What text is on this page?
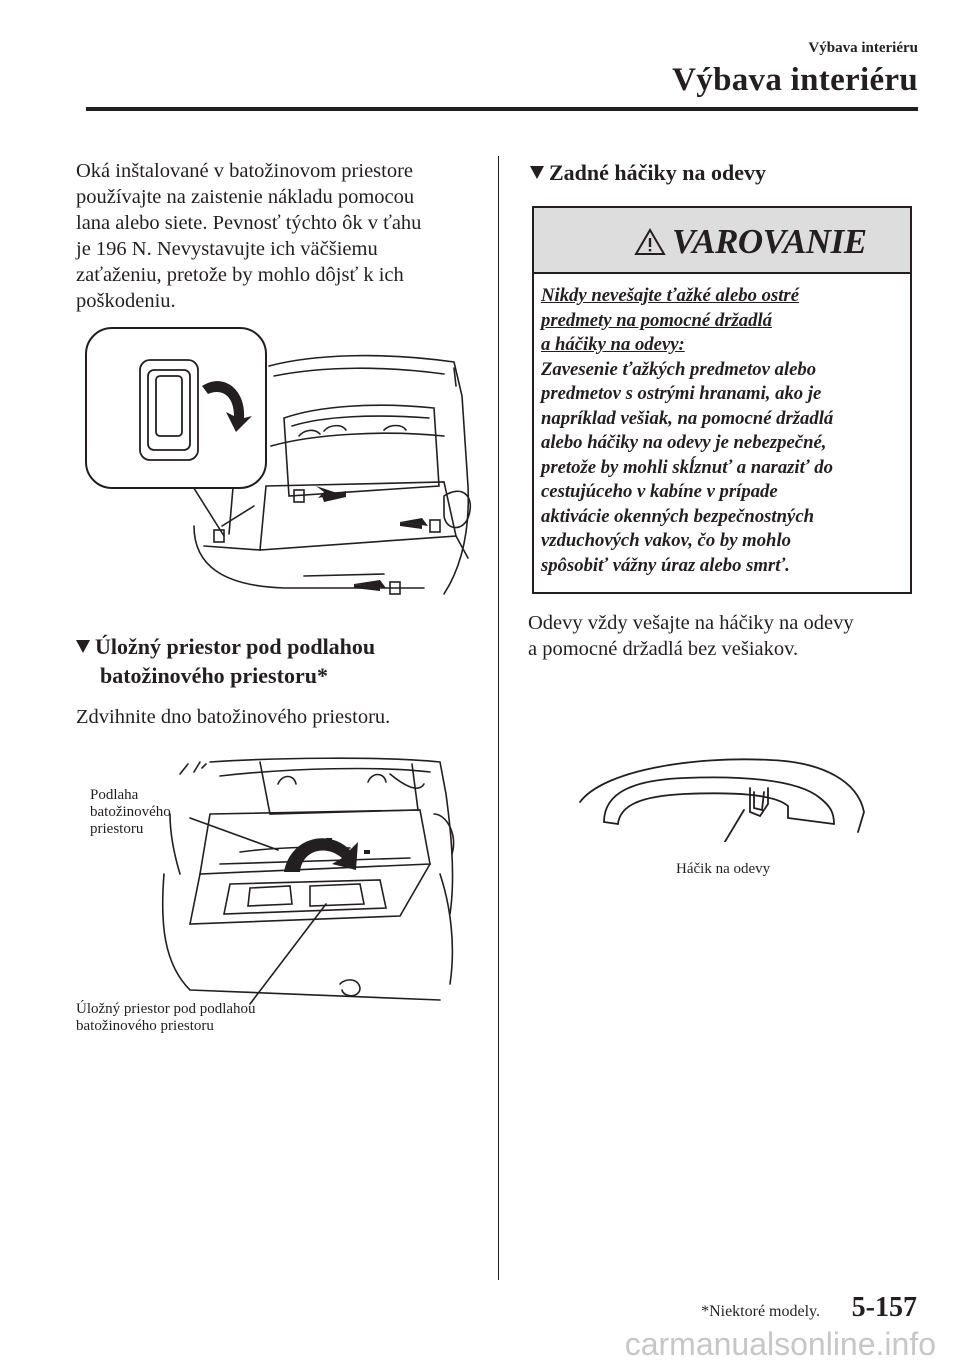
Výbava interiéru
Výbava interiéru
Oká inštalované v batožinovom priestore
používajte na zaistenie nákladu pomocou
lana alebo siete. Pevnosť týchto ôk v ťahu
je 196 N. Nevystavujte ich väčšiemu
zaťaženiu, pretože by mohlo dôjsť k ich
poškodeniu.
Úložný priestor pod podlahou
batožinového priestoru*
Zdvihnite dno batožinového priestoru.
Podlaha
batožinového
priestoru
Úložný priestor pod podlahou
batožinového priestoru
Zadné háčiky na odevy
VAROVANIE
Nikdy nevešajte ťažké alebo ostré
predmety na pomocné držadlá
a háčiky na odevy:
Zavesenie ťažkých predmetov alebo
predmetov s ostrými hranami, ako je
napríklad vešiak, na pomocné držadlá
alebo háčiky na odevy je nebezpečné,
pretože by mohli skĺznuť a naraziť do
cestujúceho v kabíne v prípade
aktivácie okenných bezpečnostných
vzduchových vakov, čo by mohlo
spôsobiť vážny úraz alebo smrť.
Odevy vždy vešajte na háčiky na odevy
a pomocné držadlá bez vešiakov.
Háčik na odevy
*Niektoré modely. 5-157
carmanualsonline.info
